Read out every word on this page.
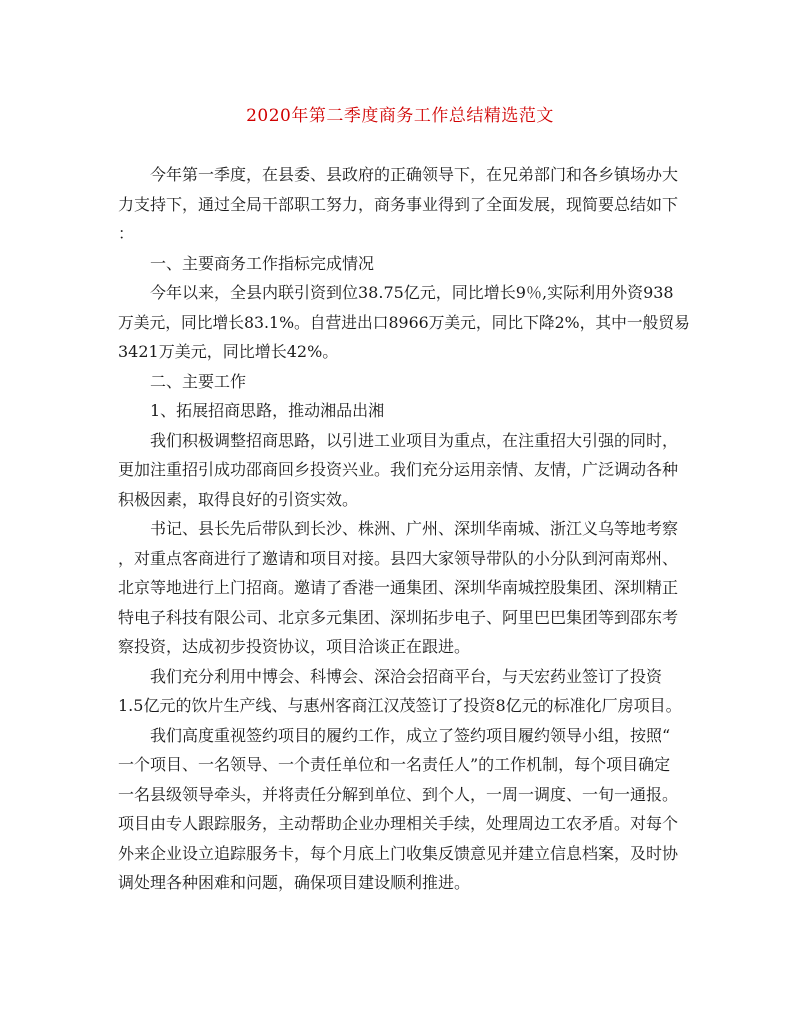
2020年第二季度商务工作总结精选范文
今年第一季度，在县委、县政府的正确领导下，在兄弟部门和各乡镇场办大
力支持下，通过全局干部职工努力，商务事业得到了全面发展，现简要总结如下
：
一、主要商务工作指标完成情况
今年以来，全县内联引资到位38.75亿元，同比增长9％,实际利用外资938
万美元，同比增长83.1%。自营进出口8966万美元，同比下降2%，其中一般贸易
3421万美元，同比增长42%。
二、主要工作
1、拓展招商思路，推动湘品出湘
我们积极调整招商思路，以引进工业项目为重点，在注重招大引强的同时，
更加注重招引成功邵商回乡投资兴业。我们充分运用亲情、友情，广泛调动各种
积极因素，取得良好的引资实效。
书记、县长先后带队到长沙、株洲、广州、深圳华南城、浙江义乌等地考察
，对重点客商进行了邀请和项目对接。县四大家领导带队的小分队到河南郑州、
北京等地进行上门招商。邀请了香港一通集团、深圳华南城控股集团、深圳精正
特电子科技有限公司、北京多元集团、深圳拓步电子、阿里巴巴集团等到邵东考
察投资，达成初步投资协议，项目洽谈正在跟进。
我们充分利用中博会、科博会、深洽会招商平台，与天宏药业签订了投资
1.5亿元的饮片生产线、与惠州客商江汉茂签订了投资8亿元的标准化厂房项目。
我们高度重视签约项目的履约工作，成立了签约项目履约领导小组，按照“
一个项目、一名领导、一个责任单位和一名责任人”的工作机制，每个项目确定
一名县级领导牵头，并将责任分解到单位、到个人，一周一调度、一旬一通报。
项目由专人跟踪服务，主动帮助企业办理相关手续，处理周边工农矛盾。对每个
外来企业设立追踪服务卡，每个月底上门收集反馈意见并建立信息档案，及时协
调处理各种困难和问题，确保项目建设顺利推进。
